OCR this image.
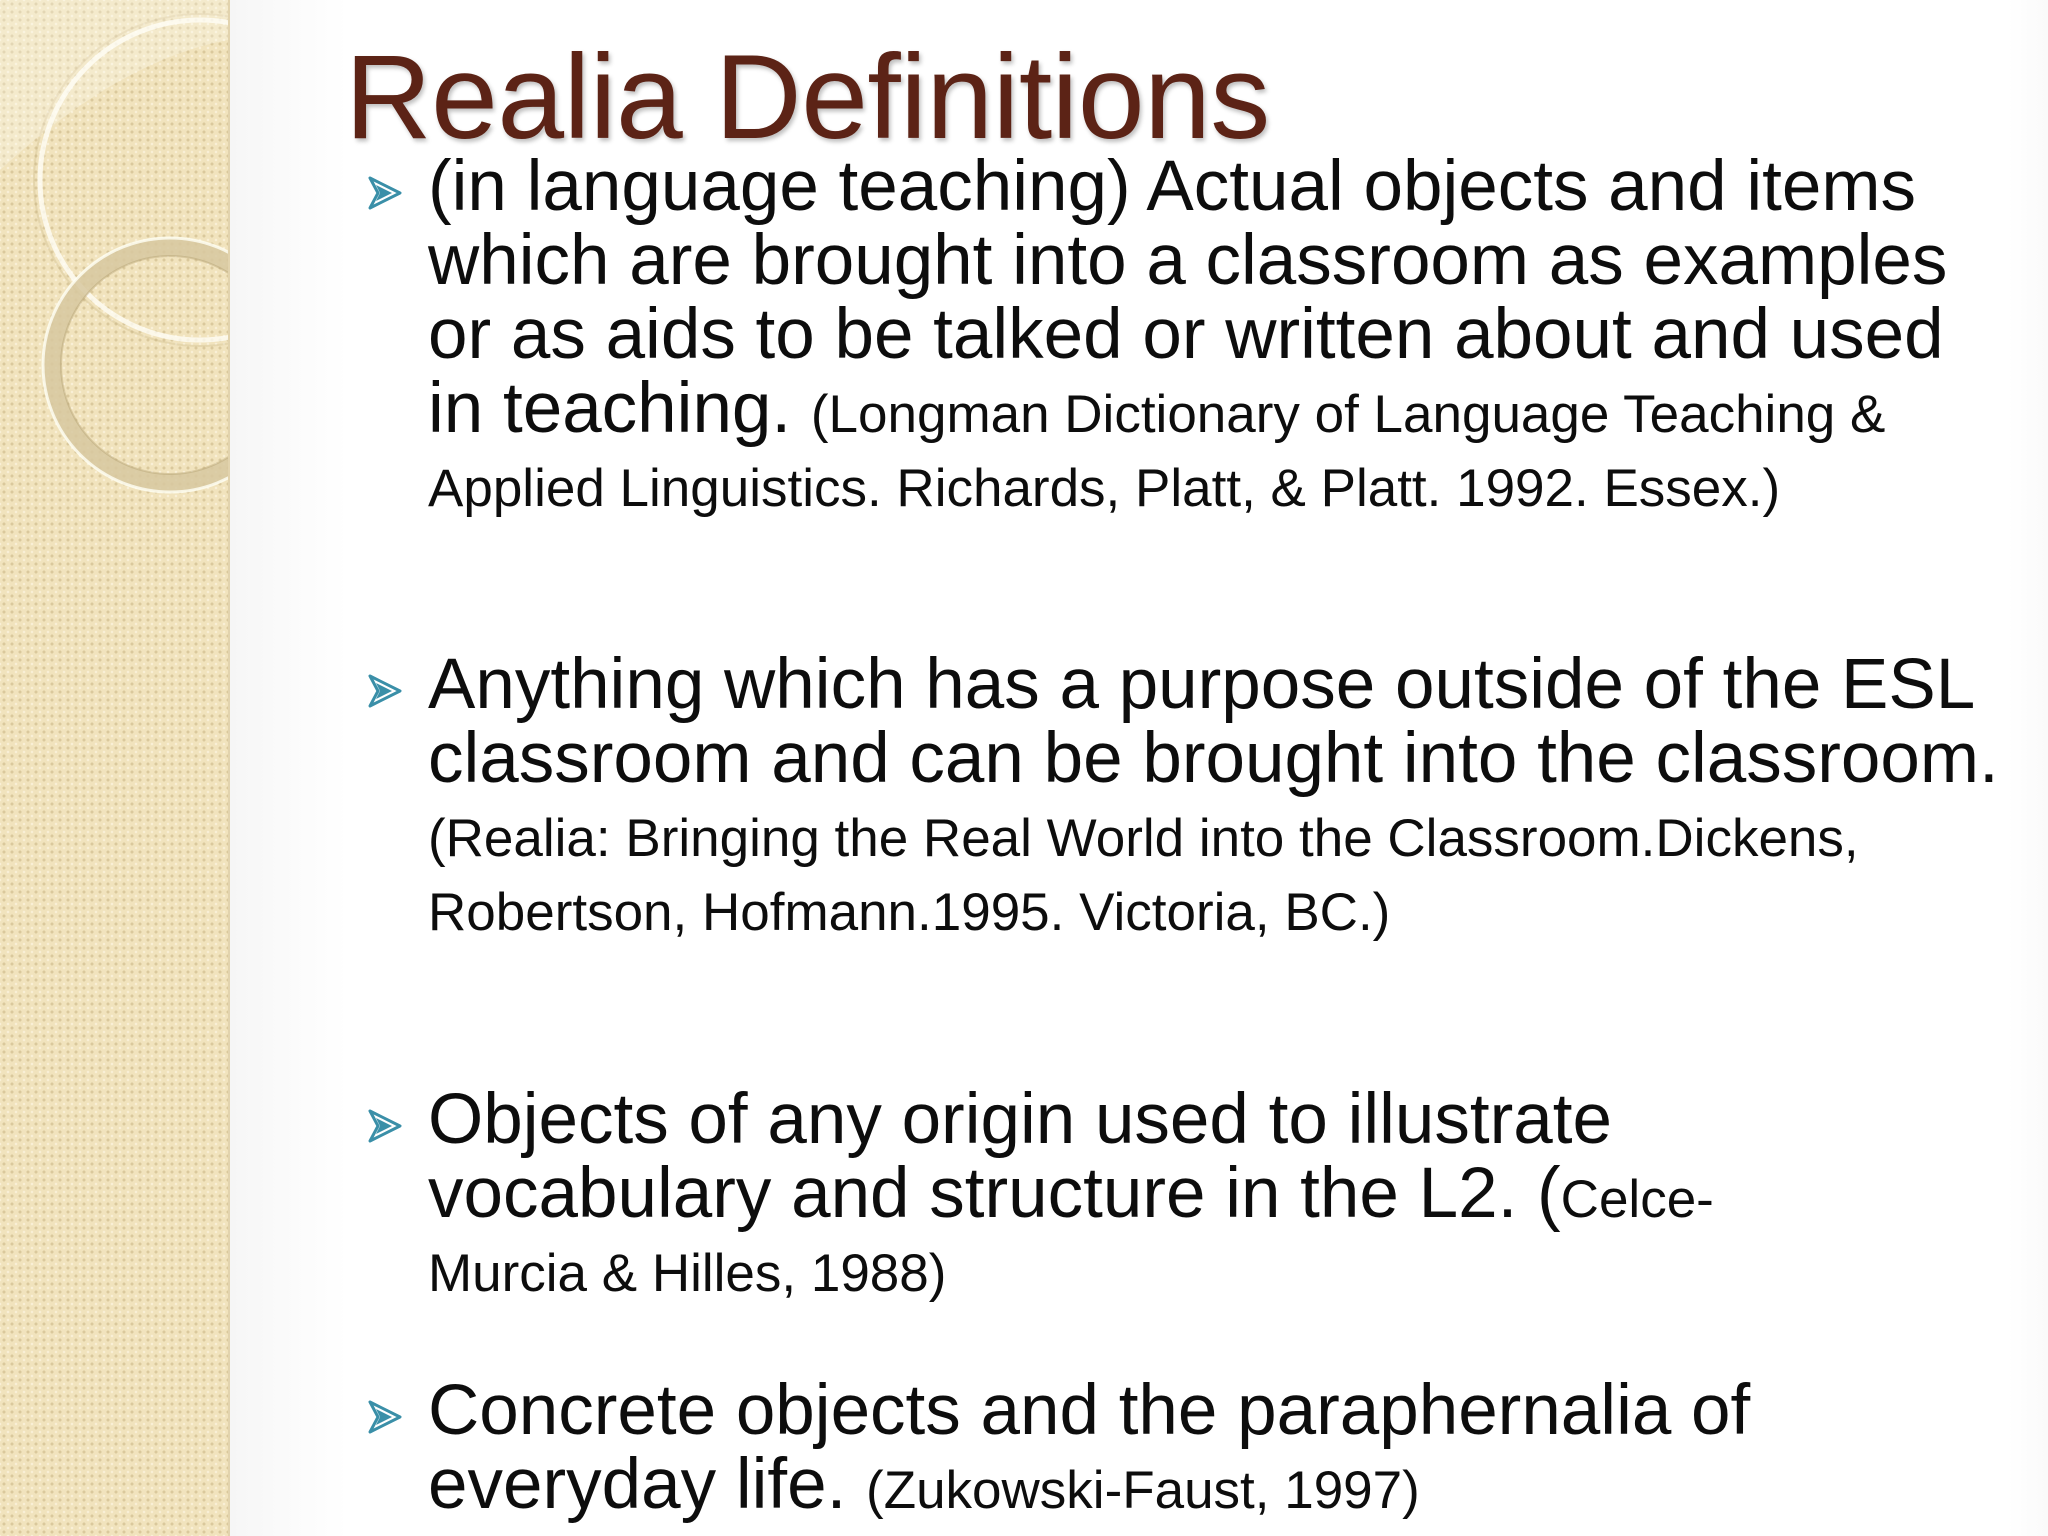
Realia Definitions
(in language teaching) Actual objects and items which are brought into a classroom as examples or as aids to be talked or written about and used in teaching. (Longman Dictionary of Language Teaching & Applied Linguistics. Richards, Platt, & Platt. 1992. Essex.)
Anything which has a purpose outside of the ESL classroom and can be brought into the classroom. (Realia: Bringing the Real World into the Classroom.Dickens, Robertson, Hofmann.1995. Victoria, BC.)
Objects of any origin used to illustrate vocabulary and structure in the L2. (Celce-Murcia & Hilles, 1988)
Concrete objects and the paraphernalia of everyday life. (Zukowski-Faust, 1997)
